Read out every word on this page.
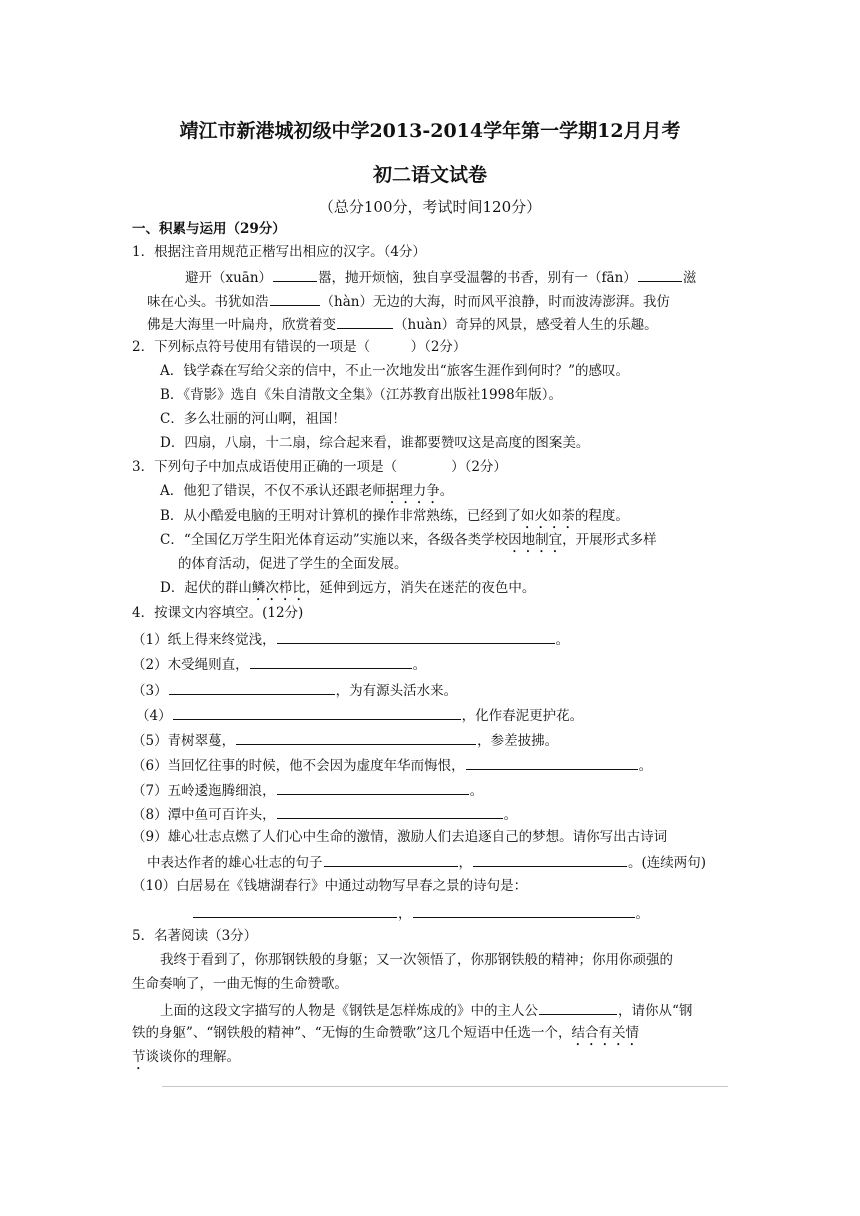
靖江市新港城初级中学2013-2014学年第一学期12月月考
初二语文试卷
（总分100分，考试时间120分）
一、积累与运用（29分）
1．根据注音用规范正楷写出相应的汉字。（4分）
避开（xuān）	嚣，抛开烦恼，独自享受温馨的书香，别有一（fān）	滋
味在心头。书犹如浩	（hàn）无边的大海，时而风平浪静，时而波涛澎湃。我仿
佛是大海里一叶扁舟，欣赏着变	（huàn）奇异的风景，感受着人生的乐趣。
2．下列标点符号使用有错误的一项是（　　　）（2分）
A．钱学森在写给父亲的信中，不止一次地发出“旅客生涯作到何时？”的感叹。
B．《背影》选自《朱自清散文全集》（江苏教育出版社1998年版）。
C．多么壮丽的河山啊，祖国！
D．四扇，八扇，十二扇，综合起来看，谁都要赞叹这是高度的图案美。
3．下列句子中加点成语使用正确的一项是（　　　　）（2分）
A．他犯了错误，不仅不承认还跟老师据理力争。
B．从小酷爱电脑的王明对计算机的操作非常熟练，已经到了如火如荼的程度。
C．“全国亿万学生阳光体育运动”实施以来，各级各类学校因地制宜，开展形式多样
的体育活动，促进了学生的全面发展。
D．起伏的群山鳞次栉比，延伸到远方，消失在迷茫的夜色中。
4．按课文内容填空。(12分)
（1）纸上得来终觉浅，	。
（2）木受绳则直，	。
（3）	，为有源头活水来。
（4）	，化作春泥更护花。
（5）青树翠蔓，	，参差披拂。
（6）当回忆往事的时候，他不会因为虚度年华而悔恨，	。
（7）五岭逶迤腾细浪，	。
（8）潭中鱼可百许头，	。
（9）雄心壮志点燃了人们心中生命的激情，激励人们去追逐自己的梦想。请你写出古诗词
中表达作者的雄心壮志的句子	，	。(连续两句)
（10）白居易在《钱塘湖春行》中通过动物写早春之景的诗句是：
，	。
5．名著阅读（3分）
我终于看到了，你那钢铁般的身躯；又一次领悟了，你那钢铁般的精神；你用你顽强的
生命奏响了，一曲无悔的生命赞歌。
上面的这段文字描写的人物是《钢铁是怎样炼成的》中的主人公	，请你从“钢
铁的身躯”、“钢铁般的精神”、“无悔的生命赞歌”这几个短语中任选一个，结合有关情
节谈谈你的理解。
